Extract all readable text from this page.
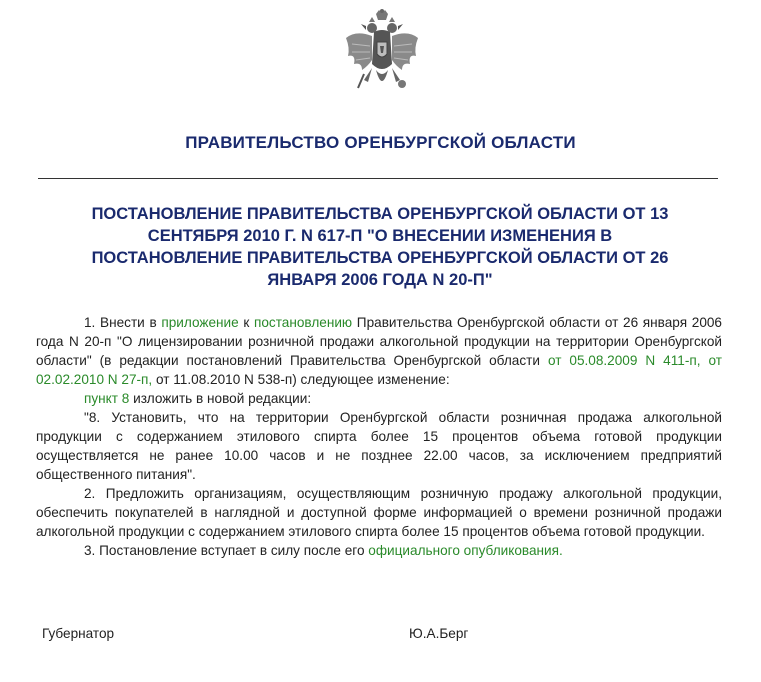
ПРАВИТЕЛЬСТВО ОРЕНБУРГСКОЙ ОБЛАСТИ
ПОСТАНОВЛЕНИЕ ПРАВИТЕЛЬСТВА ОРЕНБУРГСКОЙ ОБЛАСТИ ОТ 13
СЕНТЯБРЯ 2010 Г. N 617-П "О ВНЕСЕНИИ ИЗМЕНЕНИЯ В
ПОСТАНОВЛЕНИЕ ПРАВИТЕЛЬСТВА ОРЕНБУРГСКОЙ ОБЛАСТИ ОТ 26
ЯНВАРЯ 2006 ГОДА N 20-П"

1. Внести в приложение к постановлению Правительства Оренбургской области от 26 января 2006 года N 20-п "О лицензировании розничной продажи алкогольной продукции на территории Оренбургской области" (в редакции постановлений Правительства Оренбургской области от 05.08.2009 N 411-п, от 02.02.2010 N 27-п, от 11.08.2010 N 538-п) следующее изменение:

пункт 8 изложить в новой редакции:

"8. Установить, что на территории Оренбургской области розничная продажа алкогольной продукции с содержанием этилового спирта более 15 процентов объема готовой продукции осуществляется не ранее 10.00 часов и не позднее 22.00 часов, за исключением предприятий общественного питания".

2. Предложить организациям, осуществляющим розничную продажу алкогольной продукции, обеспечить покупателей в наглядной и доступной форме информацией о времени розничной продажи алкогольной продукции с содержанием этилового спирта более 15 процентов объема готовой продукции.

3. Постановление вступает в силу после его официального опубликования.

Губернатор	Ю.А.Берг
